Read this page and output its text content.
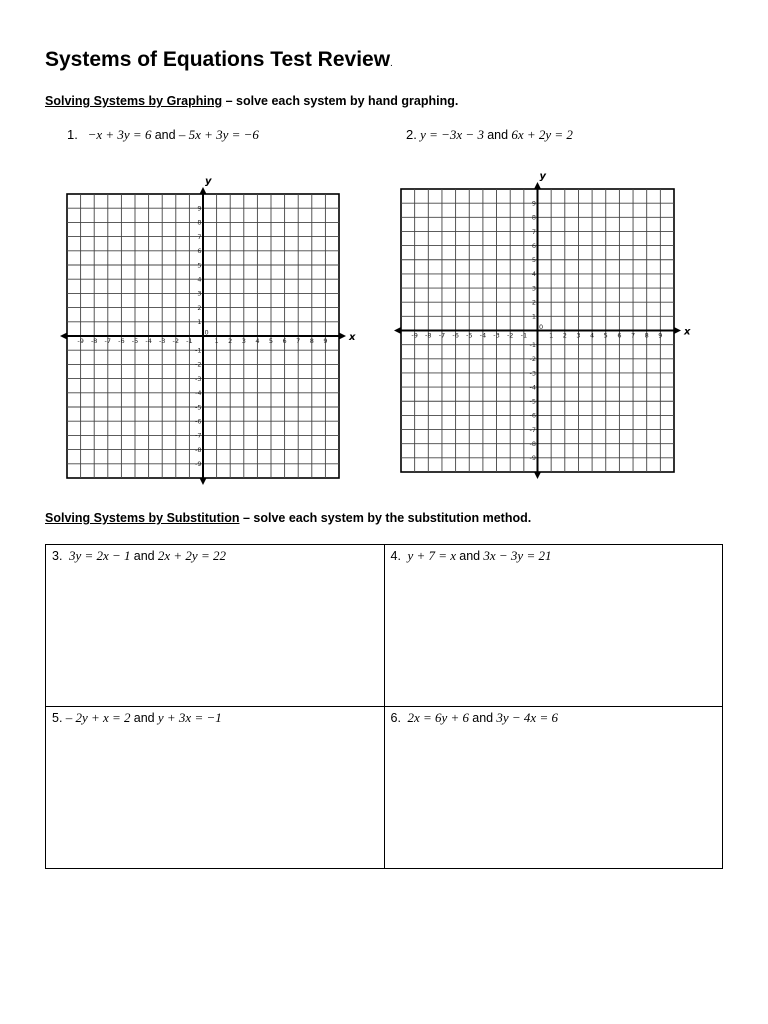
Systems of Equations Test Review.
Solving Systems by Graphing – solve each system by hand graphing.
1. −x + 3y = 6 and – 5x + 3y = −6	2. y = −3x − 3 and 6x + 2y = 2
x
y
-9 -8 -7 -6 -5 -4 -3 -2 -1	1 2 3 4 5 6 7 8 9
9
8
7
6
5
4
3
2
1
-1
-2
-3
-4
-5
-6
-7
-8
-9
0	x
y
-9 -8 -7 -6 -5 -4 -3 -2 -1	1 2 3 4 5 6 7 8 9
9
8
7
6
5
4
3
2
1
-1
-2
-3
-4
-5
-6
-7
-8
-9
0
Solving Systems by Substitution – solve each system by the substitution method.
3. 3y = 2x − 1 and 2x + 2y = 22	4. y + 7 = x and 3x − 3y = 21
5. – 2y + x = 2 and y + 3x = −1	6. 2x = 6y + 6 and 3y − 4x = 6
